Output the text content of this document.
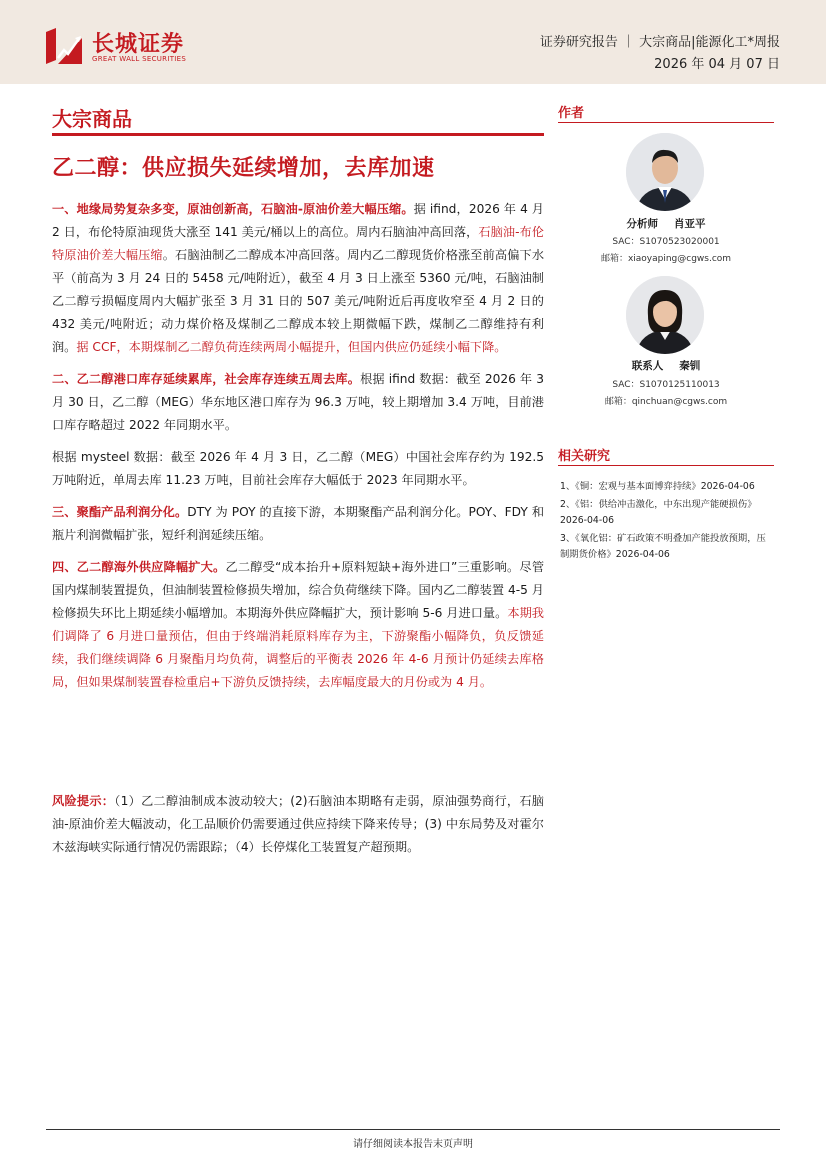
长城证券
GREAT WALL SECURITIES
证券研究报告 ｜ 大宗商品|能源化工*周报
2026 年 04 月 07 日
大宗商品
乙二醇：供应损失延续增加，去库加速

一、地缘局势复杂多变，原油创新高，石脑油-原油价差大幅压缩。据 ifind，2026 年 4 月 2 日，布伦特原油现货大涨至 141 美元/桶以上的高位。周内石脑油冲高回落，石脑油-布伦特原油价差大幅压缩。石脑油制乙二醇成本冲高回落。周内乙二醇现货价格涨至前高偏下水平（前高为 3 月 24 日的 5458 元/吨附近），截至 4 月 3 日上涨至 5360 元/吨，石脑油制乙二醇亏损幅度周内大幅扩张至 3 月 31 日的 507 美元/吨附近后再度收窄至 4 月 2 日的 432 美元/吨附近；动力煤价格及煤制乙二醇成本较上期微幅下跌，煤制乙二醇维持有利润。据 CCF，本期煤制乙二醇负荷连续两周小幅提升，但国内供应仍延续小幅下降。

二、乙二醇港口库存延续累库，社会库存连续五周去库。根据 ifind 数据：截至 2026 年 3 月 30 日，乙二醇（MEG）华东地区港口库存为 96.3 万吨，较上期增加 3.4 万吨，目前港口库存略超过 2022 年同期水平。

根据 mysteel 数据：截至 2026 年 4 月 3 日，乙二醇（MEG）中国社会库存约为 192.5 万吨附近，单周去库 11.23 万吨，目前社会库存大幅低于 2023 年同期水平。

三、聚酯产品利润分化。DTY 为 POY 的直接下游，本期聚酯产品利润分化。POY、FDY 和瓶片利润微幅扩张，短纤利润延续压缩。

四、乙二醇海外供应降幅扩大。乙二醇受“成本抬升+原料短缺+海外进口”三重影响。尽管国内煤制装置提负，但油制装置检修损失增加，综合负荷继续下降。国内乙二醇装置 4-5 月检修损失环比上期延续小幅增加。本期海外供应降幅扩大，预计影响 5-6 月进口量。本期我们调降了 6 月进口量预估，但由于终端消耗原料库存为主，下游聚酯小幅降负，负反馈延续，我们继续调降 6 月聚酯月均负荷，调整后的平衡表 2026 年 4-6 月预计仍延续去库格局，但如果煤制装置春检重启+下游负反馈持续，去库幅度最大的月份或为 4 月。

风险提示：（1）乙二醇油制成本波动较大；(2)石脑油本期略有走弱，原油强势商行，石脑油-原油价差大幅波动，化工品顺价仍需要通过供应持续下降来传导；(3) 中东局势及对霍尔木兹海峡实际通行情况仍需跟踪；（4）长停煤化工装置复产超预期。
作者
分析师 肖亚平
SAC：S1070523020001
邮箱：xiaoyaping@cgws.com
联系人 秦钏
SAC：S1070125110013
邮箱：qinchuan@cgws.com
相关研究
1、《铜：宏观与基本面博弈持续》2026-04-06
2、《铝：供给冲击激化，中东出现产能硬损伤》2026-04-06
3、《氧化铝：矿石政策不明叠加产能投放预期，压制期货价格》2026-04-06
请仔细阅读本报告末页声明
